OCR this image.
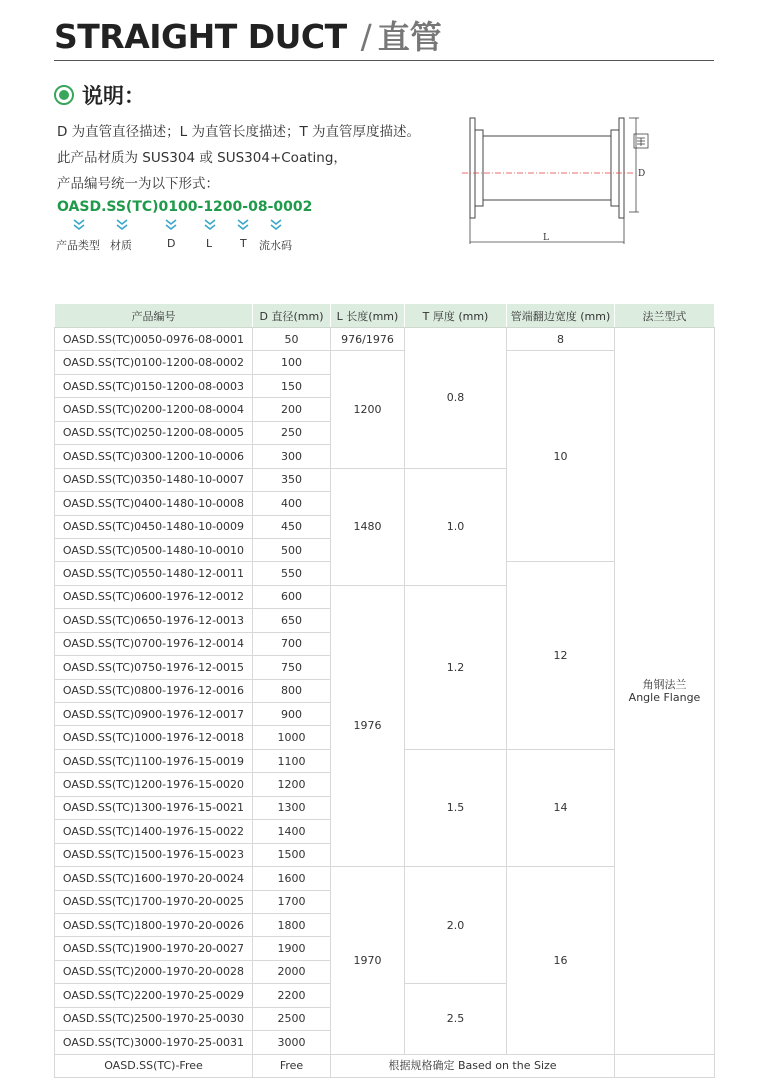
STRAIGHT DUCT / 直管
说明：
D 为直管直径描述；L 为直管长度描述；T 为直管厚度描述。
此产品材质为 SUS304 或 SUS304+Coating，
产品编号统一为以下形式：
OASD.SS(TC)0100-1200-08-0002
产品类型 材质	D	L	T 流水码
D
L
产品编号	D 直径(mm)	L 长度(mm)	T 厚度 (mm)	管端翻边宽度 (mm)	法兰型式
OASD.SS(TC)0050-0976-08-0001	50	976/1976	0.8	8	角钢法兰
Angle Flange

OASD.SS(TC)0100-1200-08-0002	100	1200		10	
OASD.SS(TC)0150-1200-08-0003	150				
OASD.SS(TC)0200-1200-08-0004	200				
OASD.SS(TC)0250-1200-08-0005	250				
OASD.SS(TC)0300-1200-10-0006	300				
OASD.SS(TC)0350-1480-10-0007	350	1480	1.0		
OASD.SS(TC)0400-1480-10-0008	400				
OASD.SS(TC)0450-1480-10-0009	450				
OASD.SS(TC)0500-1480-10-0010	500				
OASD.SS(TC)0550-1480-12-0011	550			12	
OASD.SS(TC)0600-1976-12-0012	600	1976	1.2		
OASD.SS(TC)0650-1976-12-0013	650				
OASD.SS(TC)0700-1976-12-0014	700				
OASD.SS(TC)0750-1976-12-0015	750				
OASD.SS(TC)0800-1976-12-0016	800				
OASD.SS(TC)0900-1976-12-0017	900				
OASD.SS(TC)1000-1976-12-0018	1000				
OASD.SS(TC)1100-1976-15-0019	1100		1.5	14	
OASD.SS(TC)1200-1976-15-0020	1200				
OASD.SS(TC)1300-1976-15-0021	1300				
OASD.SS(TC)1400-1976-15-0022	1400				
OASD.SS(TC)1500-1976-15-0023	1500				
OASD.SS(TC)1600-1970-20-0024	1600	1970	2.0	16	
OASD.SS(TC)1700-1970-20-0025	1700				
OASD.SS(TC)1800-1970-20-0026	1800				
OASD.SS(TC)1900-1970-20-0027	1900				
OASD.SS(TC)2000-1970-20-0028	2000				
OASD.SS(TC)2200-1970-25-0029	2200		2.5		
OASD.SS(TC)2500-1970-25-0030	2500				
OASD.SS(TC)3000-1970-25-0031	3000				
OASD.SS(TC)-Free	Free	根据规格确定 Based on the Size			
